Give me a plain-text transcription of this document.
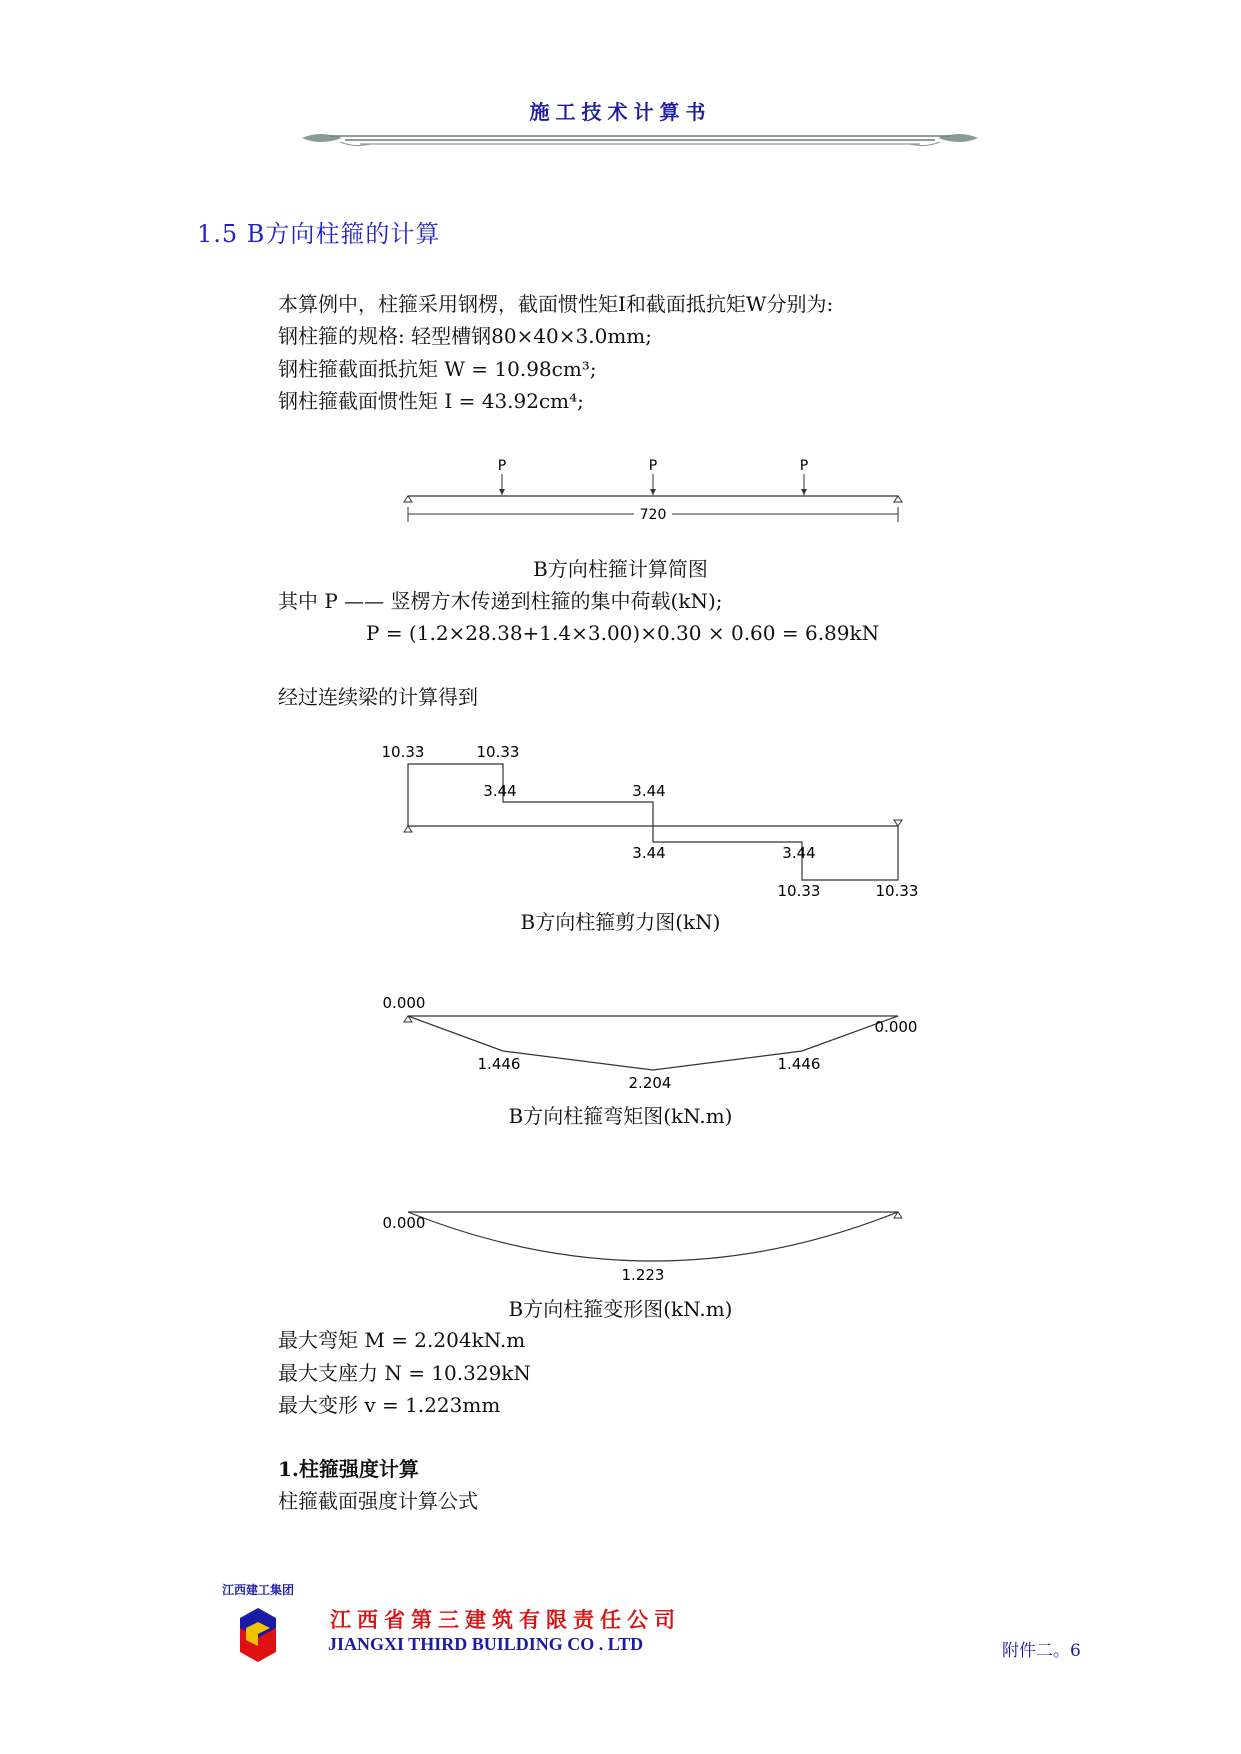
施工技术计算书
1.5 B方向柱箍的计算
本算例中，柱箍采用钢楞，截面惯性矩I和截面抵抗矩W分别为:
钢柱箍的规格: 轻型槽钢80×40×3.0mm;
钢柱箍截面抵抗矩 W = 10.98cm³;
钢柱箍截面惯性矩 I = 43.92cm⁴;
P	P	P
720
B方向柱箍计算简图
其中 P —— 竖楞方木传递到柱箍的集中荷载(kN);
P = (1.2×28.38+1.4×3.00)×0.30 × 0.60 = 6.89kN
经过连续梁的计算得到
10.33	10.33
3.44	3.44
3.44	3.44
10.33	10.33
B方向柱箍剪力图(kN)
0.000
0.000
1.446
2.204
1.446
B方向柱箍弯矩图(kN.m)
0.000
1.223
B方向柱箍变形图(kN.m)
最大弯矩 M = 2.204kN.m
最大支座力 N = 10.329kN
最大变形 v = 1.223mm
1.柱箍强度计算
柱箍截面强度计算公式
江西建工集团
江西省第三建筑有限责任公司
JIANGXI THIRD BUILDING CO . LTD	附件二。6
